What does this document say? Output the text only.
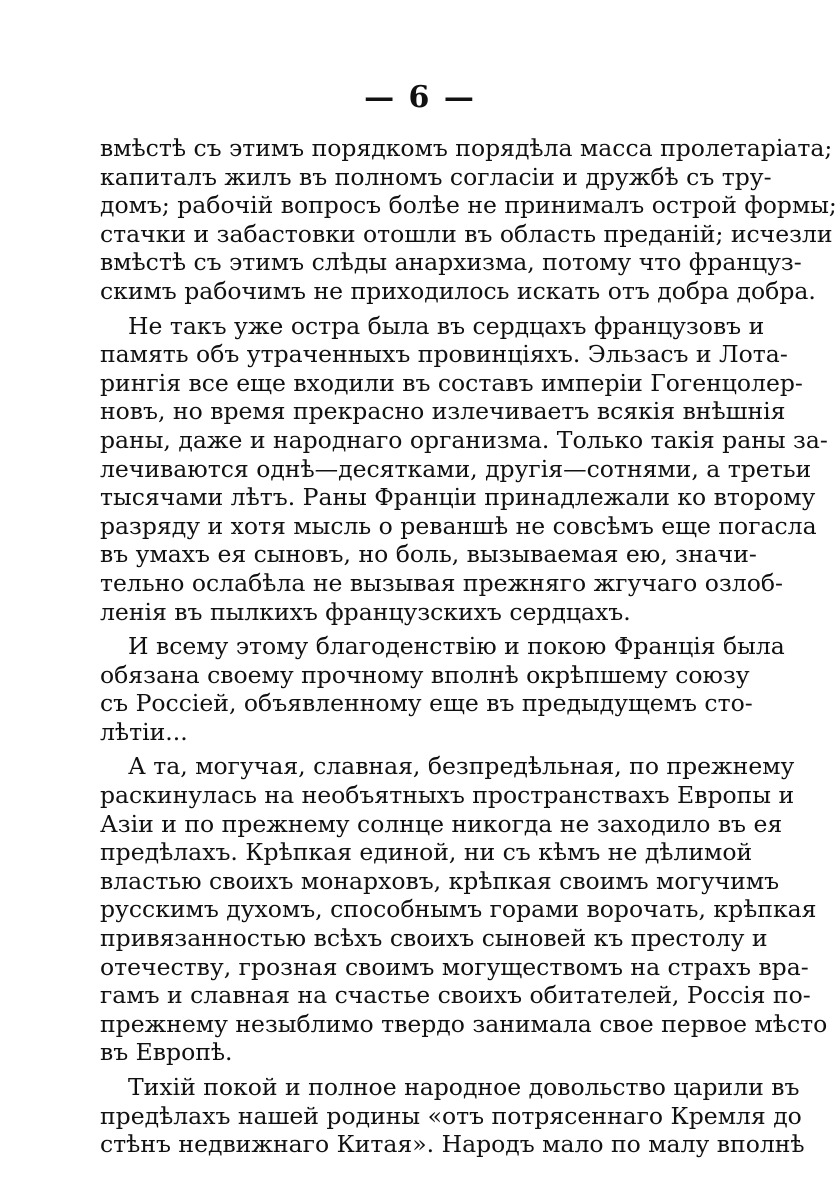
— 6 —
вмѣстѣ съ этимъ порядкомъ порядѣла масса пролетаріата;
капиталъ жилъ въ полномъ согласіи и дружбѣ съ тру-
домъ; рабочій вопросъ болѣе не принималъ острой формы;
стачки и забастовки отошли въ область преданій; исчезли
вмѣстѣ съ этимъ слѣды анархизма, потому что француз-
скимъ рабочимъ не приходилось искать отъ добра добра.
Не такъ уже остра была въ сердцахъ французовъ и
память объ утраченныхъ провинціяхъ. Эльзасъ и Лота-
рингія все еще входили въ составъ имперіи Гогенцолер-
новъ, но время прекрасно излечиваетъ всякія внѣшнія
раны, даже и народнаго организма. Только такія раны за-
лечиваются однѣ—десятками, другія—сотнями, а третьи
тысячами лѣтъ. Раны Франціи принадлежали ко второму
разряду и хотя мысль о реваншѣ не совсѣмъ еще погасла
въ умахъ ея сыновъ, но боль, вызываемая ею, значи-
тельно ослабѣла не вызывая прежняго жгучаго озлоб-
ленія въ пылкихъ французскихъ сердцахъ.
И всему этому благоденствію и покою Франція была
обязана своему прочному вполнѣ окрѣпшему союзу
съ Россіей, объявленному еще въ предыдущемъ сто-
лѣтіи...
А та, могучая, славная, безпредѣльная, по прежнему
раскинулась на необъятныхъ пространствахъ Европы и
Азіи и по прежнему солнце никогда не заходило въ ея
предѣлахъ. Крѣпкая единой, ни съ кѣмъ не дѣлимой
властью своихъ монарховъ, крѣпкая своимъ могучимъ
русскимъ духомъ, способнымъ горами ворочать, крѣпкая
привязанностью всѣхъ своихъ сыновей къ престолу и
отечеству, грозная своимъ могуществомъ на страхъ вра-
гамъ и славная на счастье своихъ обитателей, Россія по-
прежнему незыблимо твердо занимала свое первое мѣсто
въ Европѣ.
Тихій покой и полное народное довольство царили въ
предѣлахъ нашей родины «отъ потрясеннаго Кремля до
стѣнъ недвижнаго Китая». Народъ мало по малу вполнѣ
